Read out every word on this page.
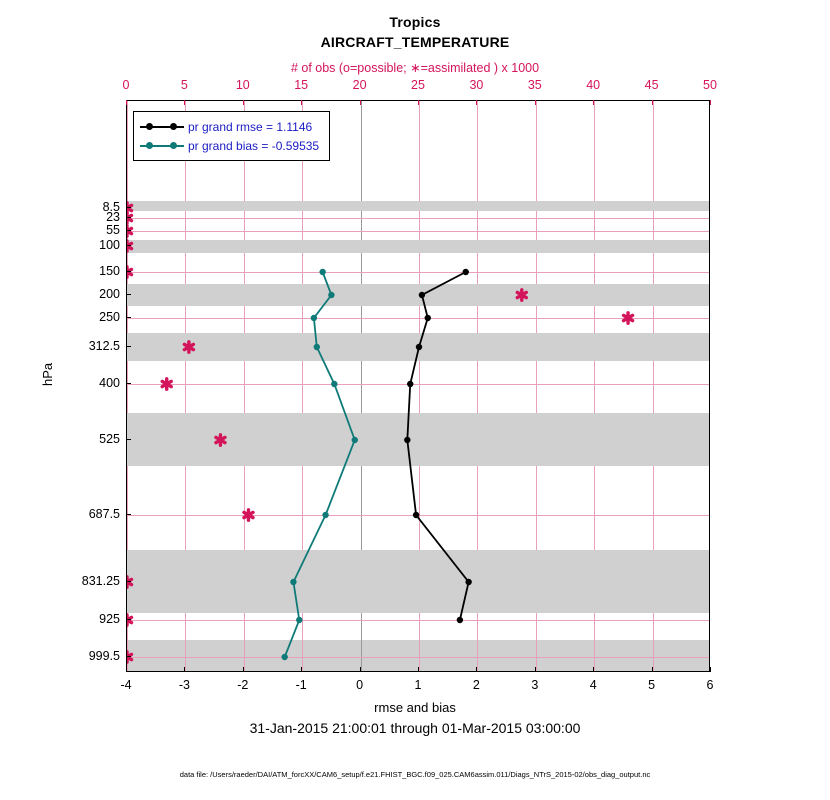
Tropics
AIRCRAFT_TEMPERATURE
# of obs (o=possible; ∗=assimilated ) x 1000
pr grand rmse = 1.1146
pr grand bias = -0.59535
hPa
rmse and bias
31-Jan-2015 21:00:01 through 01-Mar-2015 03:00:00
data file: /Users/raeder/DAI/ATM_forcXX/CAM6_setup/f.e21.FHIST_BGC.f09_025.CAM6assim.011/Diags_NTrS_2015-02/obs_diag_output.nc
-4	-3	-2	-1	0	1	2	3	4	5	6
0	5	10	15	20	25	30	35	40	45	50
8.5
23
55
100
150
200
250
312.5
400
525
687.5
831.25
925
999.5
